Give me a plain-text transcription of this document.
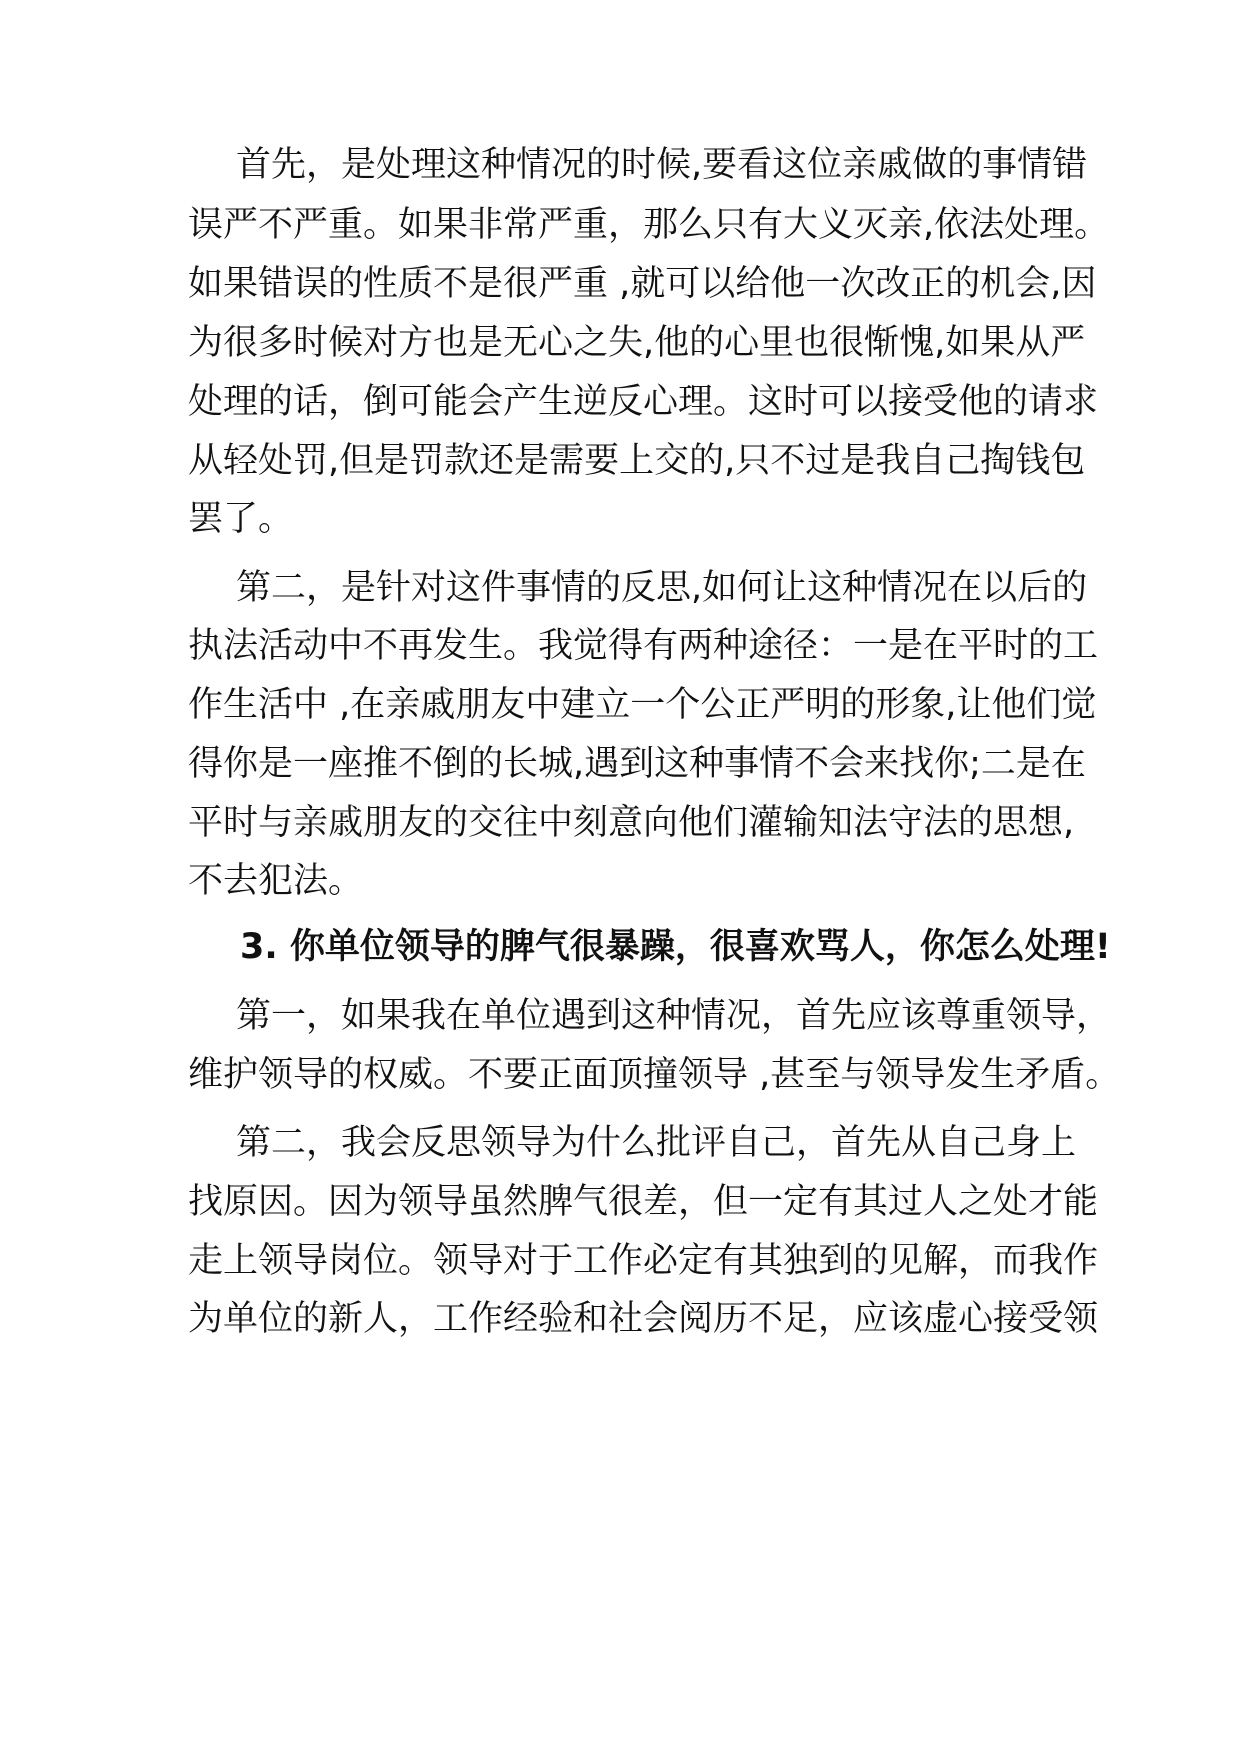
首先，是处理这种情况的时候,要看这位亲戚做的事情错
误严不严重。如果非常严重，那么只有大义灭亲,依法处理。
如果错误的性质不是很严重 ,就可以给他一次改正的机会,因
为很多时候对方也是无心之失,他的心里也很惭愧,如果从严
处理的话，倒可能会产生逆反心理。这时可以接受他的请求
从轻处罚,但是罚款还是需要上交的,只不过是我自己掏钱包
罢了。
第二，是针对这件事情的反思,如何让这种情况在以后的
执法活动中不再发生。我觉得有两种途径：一是在平时的工
作生活中 ,在亲戚朋友中建立一个公正严明的形象,让他们觉
得你是一座推不倒的长城,遇到这种事情不会来找你;二是在
平时与亲戚朋友的交往中刻意向他们灌输知法守法的思想,
不去犯法。
3. 你单位领导的脾气很暴躁，很喜欢骂人，你怎么处理!
第一，如果我在单位遇到这种情况，首先应该尊重领导，
维护领导的权威。不要正面顶撞领导 ,甚至与领导发生矛盾。
第二，我会反思领导为什么批评自己，首先从自己身上
找原因。因为领导虽然脾气很差，但一定有其过人之处才能
走上领导岗位。领导对于工作必定有其独到的见解，而我作
为单位的新人，工作经验和社会阅历不足，应该虚心接受领
